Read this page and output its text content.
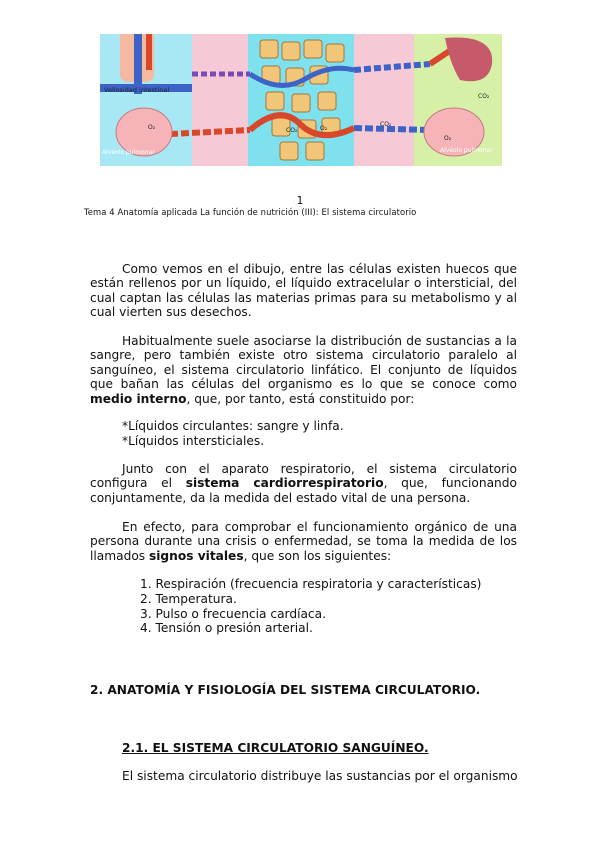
Vellosidad intestinal
O₂
Alvéolo pulmonar
CO₂
Alvéolo pulmonar
CO₂	O₂
CO₂
O₂
1
Tema 4 Anatomía aplicada La función de nutrición (III): El sistema circulatorio

Como vemos en el dibujo, entre las células existen huecos que están rellenos por un líquido, el líquido extracelular o intersticial, del cual captan las células las materias primas para su metabolismo y al cual vierten sus desechos.

Habitualmente suele asociarse la distribución de sustancias a la sangre, pero también existe otro sistema circulatorio paralelo al sanguíneo, el sistema circulatorio linfático. El conjunto de líquidos que bañan las células del organismo es lo que se conoce como medio interno, que, por tanto, está constituido por:

*Líquidos circulantes: sangre y linfa.
*Líquidos intersticiales.

Junto con el aparato respiratorio, el sistema circulatorio configura el sistema cardiorrespiratorio, que, funcionando conjuntamente, da la medida del estado vital de una persona.

En efecto, para comprobar el funcionamiento orgánico de una persona durante una crisis o enfermedad, se toma la medida de los llamados signos vitales, que son los siguientes:

1. Respiración (frecuencia respiratoria y características)
2. Temperatura.
3. Pulso o frecuencia cardíaca.
4. Tensión o presión arterial.
2. ANATOMÍA Y FISIOLOGÍA DEL SISTEMA CIRCULATORIO.
2.1. EL SISTEMA CIRCULATORIO SANGUÍNEO.
El sistema circulatorio distribuye las sustancias por el organismo
